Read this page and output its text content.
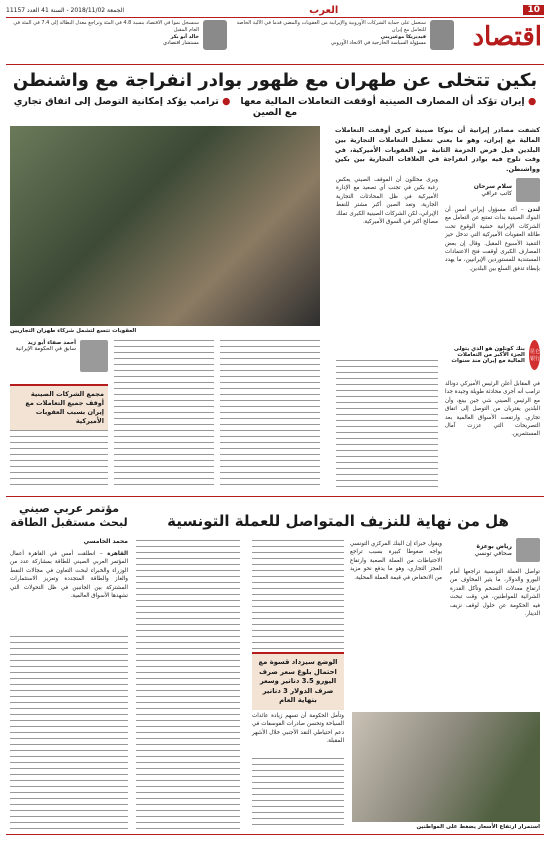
10
العرب
الجمعة 2018/11/02 - السنة 41 العدد 11157
اقتصاد
سنعمل على حماية الشركات الأوروبية والإيرانية من العقوبات والمضي قدما في الآلية الخاصة للتعامل مع إيران
فيديريكا موغيريني
مسؤولة السياسة الخارجية في الاتحاد الأوروبي
سنسجل نموا في الاقتصاد بنسبة 4.8 في المئة وتراجع معدل البطالة إلى 7.4 في المئة في العام المقبل
خالد أبو بكر
مستشار اقتصادي
بكين تتخلى عن طهران مع ظهور بوادر انفراجة مع واشنطن
● إيران تؤكد أن المصارف الصينية أوقفت التعاملات المالية معها   ● ترامب يؤكد إمكانية التوصل إلى اتفاق تجاري مع الصين
كشفت مصادر إيرانية أن بنوكا صينية كبرى أوقفت التعاملات المالية مع إيران، وهو ما يعني تعطيل التعاملات التجارية بين البلدين قبل فرض الحزمة الثانية من العقوبات الأميركية، في وقت تلوح فيه بوادر انفراجة في العلاقات التجارية بين بكين وواشنطن.
العقوبات تتسع لتشمل شركاء طهران التجاريين
سلام سرحان
كاتب عراقي
لندن – أكد مسؤول إيراني أمس أن البنوك الصينية بدأت تمتنع عن التعامل مع الشركات الإيرانية خشية الوقوع تحت طائلة العقوبات الأميركية التي تدخل حيز التنفيذ الأسبوع المقبل. وقال إن بعض المصارف الكبرى أوقفت فتح الاعتمادات المستندية للمستوردين الإيرانيين، ما يهدد بإبطاء تدفق السلع بين البلدين.
ويرى محللون أن الموقف الصيني يعكس رغبة بكين في تجنب أي تصعيد مع الإدارة الأميركية في ظل المحادثات التجارية الجارية. وتعد الصين أكبر مشتر للنفط الإيراني، لكن الشركات الصينية الكبرى تملك مصالح أكبر في السوق الأميركية.
昆仑银行
بنك كونلون هو الذي يتولى الجزء الأكبر من التعاملات المالية مع إيران منذ سنوات
في المقابل أعلن الرئيس الأميركي دونالد ترامب أنه أجرى محادثة طويلة وجيدة جدا مع الرئيس الصيني شي جين بينغ، وأن البلدين يقتربان من التوصل إلى اتفاق تجاري. وارتفعت الأسواق العالمية بعد التصريحات التي عززت آمال المستثمرين.
أحمد صفاء أبو زيد
سابق في الحكومة الإيرانية
مجمع الشركات الصينية أوقف جميع التعاملات مع إيران بسبب العقوبات الأميركية
مؤتمر عربي صيني لبحث مستقبل الطاقة
محمد الخامسي
القاهرة – انطلقت أمس في القاهرة أعمال المؤتمر العربي الصيني للطاقة بمشاركة عدد من الوزراء والخبراء لبحث التعاون في مجالات النفط والغاز والطاقة المتجددة وتعزيز الاستثمارات المشتركة بين الجانبين في ظل التحولات التي تشهدها الأسواق العالمية.
هل من نهاية للنزيف المتواصل للعملة التونسية
رياض بوعزة
صحافي تونسي
تواصل العملة التونسية تراجعها أمام اليورو والدولار، ما يثير المخاوف من ارتفاع معدلات التضخم وتآكل القدرة الشرائية للمواطنين، في وقت تبحث فيه الحكومة عن حلول لوقف نزيف الدينار.
ويقول خبراء إن البنك المركزي التونسي يواجه ضغوطا كبيرة بسبب تراجع الاحتياطات من العملة الصعبة وارتفاع العجز التجاري، وهو ما يدفع نحو مزيد من الانخفاض في قيمة العملة المحلية.
الوضع سيزداد قسوة مع احتمال بلوغ سعر صرف اليورو 3.5 دنانير وسعر صرف الدولار 3 دنانير بنهاية العام
وتأمل الحكومة أن تسهم زيادة عائدات السياحة وتحسن صادرات الفوسفات في دعم احتياطي النقد الأجنبي خلال الأشهر المقبلة.
استمرار ارتفاع الأسعار يضغط على المواطنين
